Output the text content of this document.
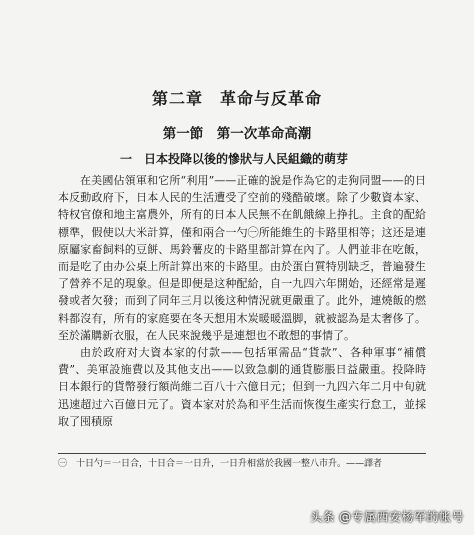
第二章　革命与反革命
第一節　第一次革命高潮
一　日本投降以後的慘狀与人民組織的萌芽

在美國佔領軍和它所“利用”——正確的說是作為它的走狗同盟——的日本反動政府下，日本人民的生活遭受了空前的殘酷破壞。除了少數資本家、特权官僚和地主富農外，所有的日本人民無不在飢餓線上挣扎。主食的配給標準，假使以大米計算，僅和兩合一勺㊀所能維生的卡路里相等；这还是連原屬家畜飼料的豆餅、馬鈴薯皮的卡路里都計算在內了。人們並非在吃飯，而是吃了由办公桌上所計算出來的卡路里。由於蛋白質特別缺乏，普遍發生了營养不足的現象。但是即便是这种配給，自一九四六年開始，还經常是遲發或者欠發；而到了同年三月以後这种情況就更嚴重了。此外，連燒飯的燃料都沒有，所有的家庭要在冬天想用木炭暖暖溫脚，就被認為是太奢侈了。至於滿購新衣服，在人民來說幾乎是連想也不敢想的事情了。

由於政府对大資本家的付款——包括軍需品“貨款”、各种軍事“補償費”、美軍設施費以及其他支出——以致急劇的通貨膨脹日益嚴重。投降時日本銀行的貨幣發行額尚維二百八十六億日元；但到一九四六年二月中旬就迅速超过六百億日元了。資本家对於為和平生活而恢復生產实行怠工，並採取了囤積原

㊀　十日勺＝一日合，十日合＝一日升，一日升相當於我國一整八市升。——譯者
头条 @专属西安杨军的帐号
